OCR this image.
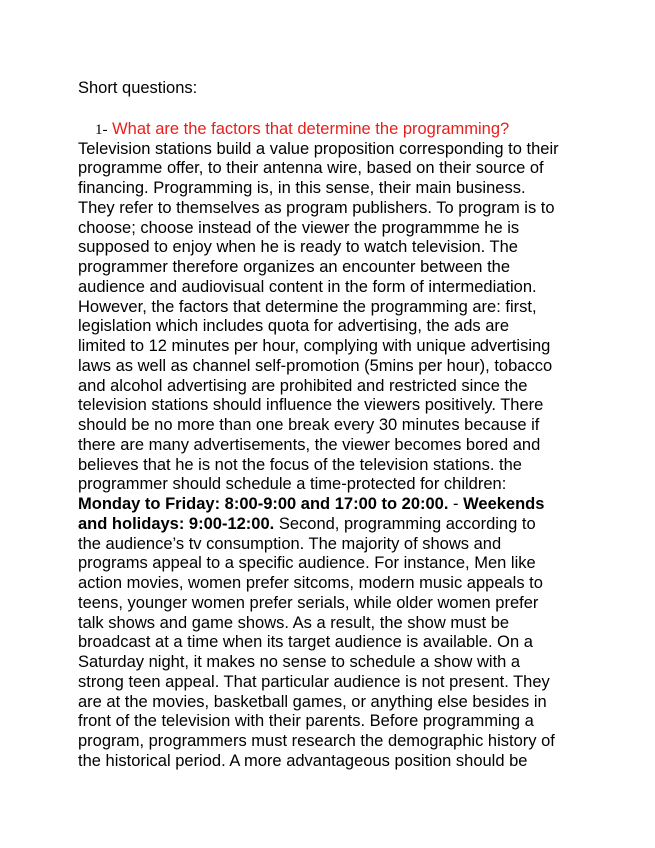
Short questions:
1- What are the factors that determine the programming?
Television stations build a value proposition corresponding to their
programme offer, to their antenna wire, based on their source of
financing. Programming is, in this sense, their main business.
They refer to themselves as program publishers. To program is to
choose; choose instead of the viewer the programmme he is
supposed to enjoy when he is ready to watch television. The
programmer therefore organizes an encounter between the
audience and audiovisual content in the form of intermediation.
However, the factors that determine the programming are: first,
legislation which includes quota for advertising, the ads are
limited to 12 minutes per hour, complying with unique advertising
laws as well as channel self-promotion (5mins per hour), tobacco
and alcohol advertising are prohibited and restricted since the
television stations should influence the viewers positively. There
should be no more than one break every 30 minutes because if
there are many advertisements, the viewer becomes bored and
believes that he is not the focus of the television stations. the
programmer should schedule a time-protected for children:
Monday to Friday: 8:00-9:00 and 17:00 to 20:00. - Weekends
and holidays: 9:00-12:00. Second, programming according to
the audience’s tv consumption. The majority of shows and
programs appeal to a specific audience. For instance, Men like
action movies, women prefer sitcoms, modern music appeals to
teens, younger women prefer serials, while older women prefer
talk shows and game shows. As a result, the show must be
broadcast at a time when its target audience is available. On a
Saturday night, it makes no sense to schedule a show with a
strong teen appeal. That particular audience is not present. They
are at the movies, basketball games, or anything else besides in
front of the television with their parents. Before programming a
program, programmers must research the demographic history of
the historical period. A more advantageous position should be
